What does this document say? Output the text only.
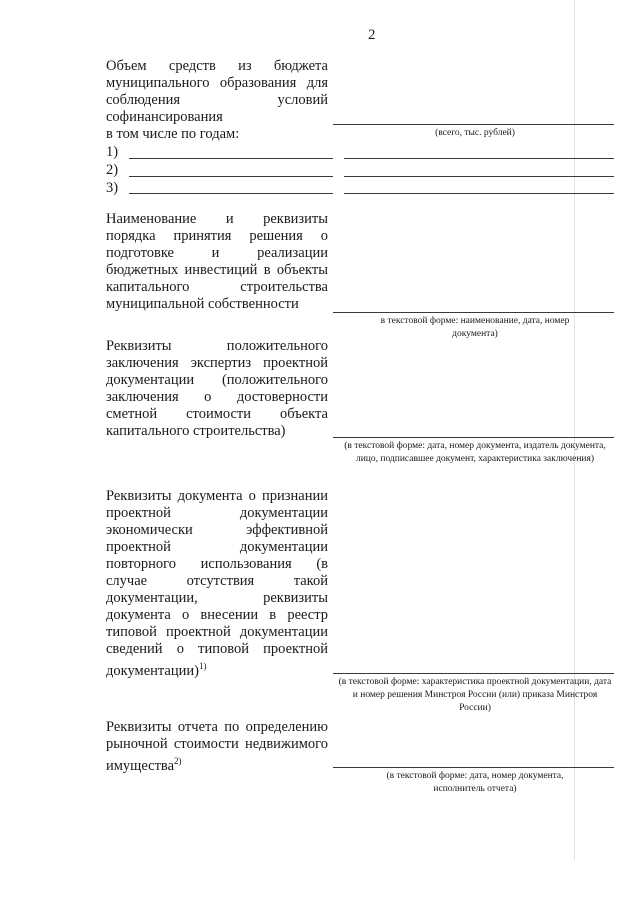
2
Объем средств из бюджета муниципального образования для соблюдения условий софинансирования
(всего, тыс. рублей)
в том числе по годам:
1)
2)
3)
Наименование и реквизиты порядка принятия решения о подготовке и реализации бюджетных инвестиций в объекты капитального строительства муниципальной собственности
в текстовой форме: наименование, дата, номер документа)
Реквизиты положительного заключения экспертиз проектной документации (положительного заключения о достоверности сметной стоимости объекта капитального строительства)
(в текстовой форме: дата, номер документа, издатель документа, лицо, подписавшее документ, характеристика заключения)
Реквизиты документа о признании проектной документации экономически эффективной проектной документации повторного использования (в случае отсутствия такой документации, реквизиты документа о внесении в реестр типовой проектной документации сведений о типовой проектной документации)$^{1)}$
(в текстовой форме: характеристика проектной документации, дата и номер решения Минстроя России (или) приказа Минстроя России)
Реквизиты отчета по определению рыночной стоимости недвижимого имущества$^{2)}$
(в текстовой форме: дата, номер документа, исполнитель отчета)
